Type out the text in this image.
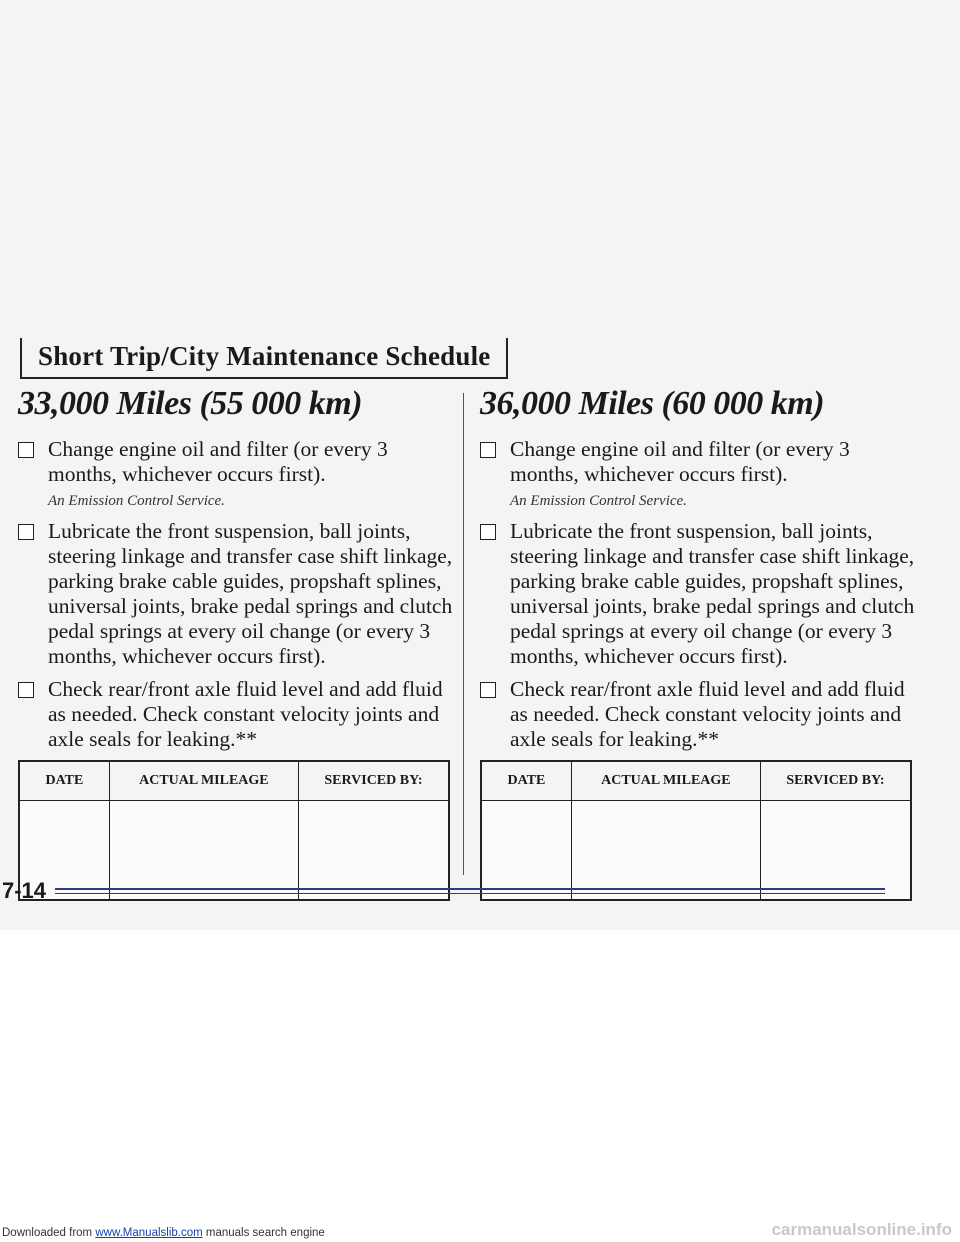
Short Trip/City Maintenance Schedule
33,000 Miles (55 000 km)
Change engine oil and filter (or every 3 months, whichever occurs first).
An Emission Control Service.
Lubricate the front suspension, ball joints, steering linkage and transfer case shift linkage, parking brake cable guides, propshaft splines, universal joints, brake pedal springs and clutch pedal springs at every oil change (or every 3 months, whichever occurs first).
Check rear/front axle fluid level and add fluid as needed. Check constant velocity joints and axle seals for leaking.**
DATE	ACTUAL MILEAGE	SERVICED BY:

36,000 Miles (60 000 km)
Change engine oil and filter (or every 3 months, whichever occurs first).
An Emission Control Service.
Lubricate the front suspension, ball joints, steering linkage and transfer case shift linkage, parking brake cable guides, propshaft splines, universal joints, brake pedal springs and clutch pedal springs at every oil change (or every 3 months, whichever occurs first).
Check rear/front axle fluid level and add fluid as needed. Check constant velocity joints and axle seals for leaking.**
DATE	ACTUAL MILEAGE	SERVICED BY:

7-14
Downloaded from www.Manualslib.com manuals search engine	carmanualsonline.info
